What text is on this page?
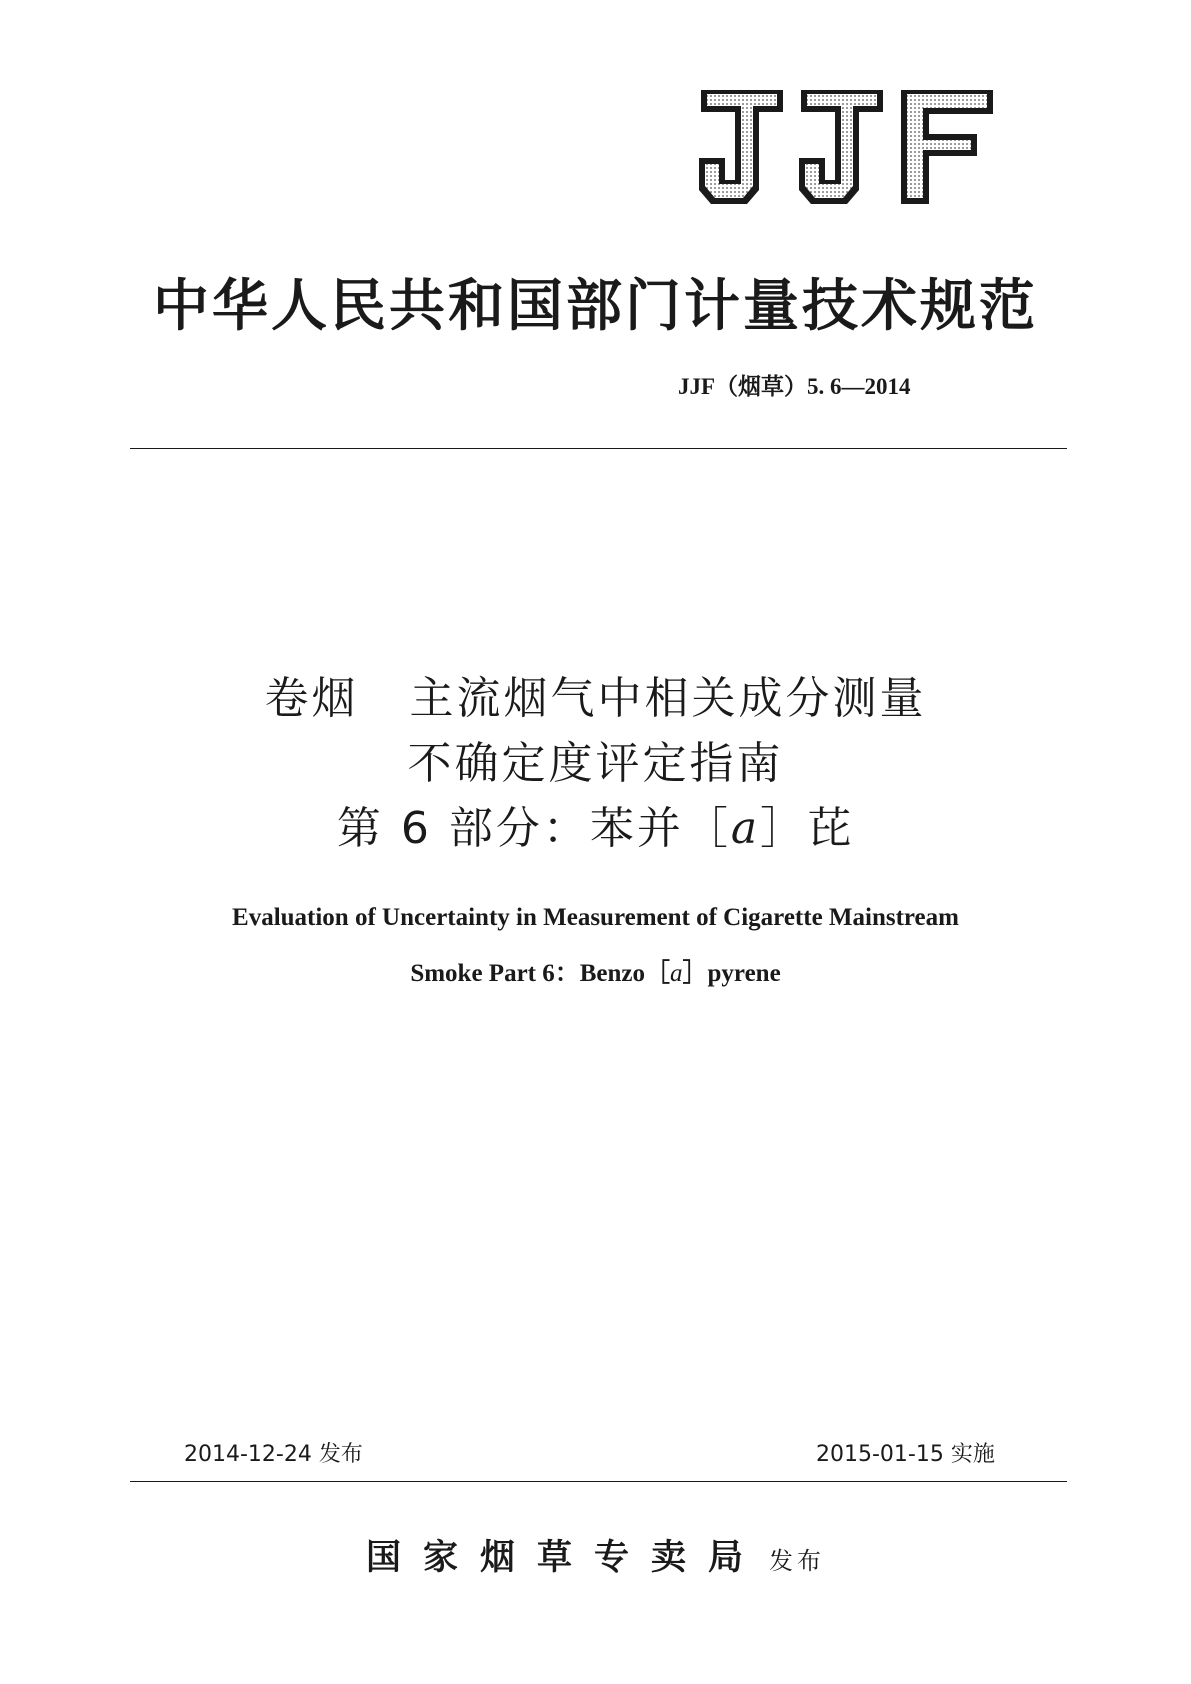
中华人民共和国部门计量技术规范
JJF（烟草）5. 6—2014
卷烟   主流烟气中相关成分测量
不确定度评定指南
第 6 部分：苯并［a］芘
Evaluation of Uncertainty in Measurement of Cigarette Mainstream
Smoke Part 6：Benzo［a］pyrene
2014-12-24 发布	2015-01-15 实施
国家烟草专卖局 发布
